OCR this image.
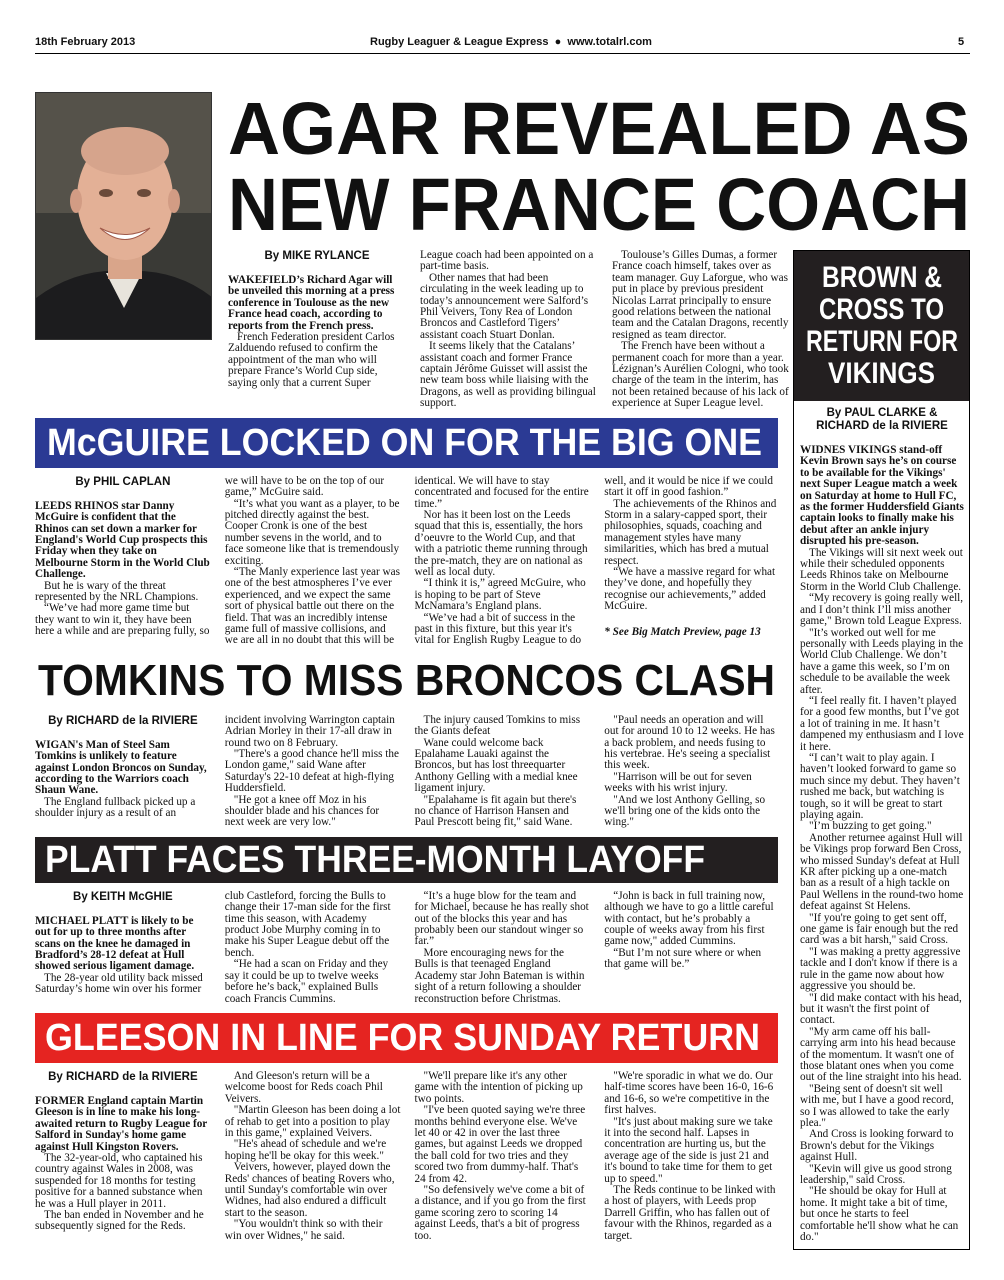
18th February 2013	Rugby Leaguer & League Express ● www.totalrl.com	5
AGAR REVEALED AS
NEW FRANCE COACH
By MIKE RYLANCE

WAKEFIELD’s Richard Agar will be unveiled this morning at a press conference in Toulouse as the new France head coach, according to reports from the French press.

French Federation president Carlos Zalduendo refused to confirm the appointment of the man who will prepare France’s World Cup side, saying only that a current Super League coach had been appointed on a part-time basis.

Other names that had been circulating in the week leading up to today’s announcement were Salford’s Phil Veivers, Tony Rea of London Broncos and Castleford Tigers’ assistant coach Stuart Donlan.

It seems likely that the Catalans’ assistant coach and former France captain Jérôme Guisset will assist the new team boss while liaising with the Dragons, as well as providing bilingual support.

Toulouse’s Gilles Dumas, a former France coach himself, takes over as team manager. Guy Laforgue, who was put in place by previous president Nicolas Larrat principally to ensure good relations between the national team and the Catalan Dragons, recently resigned as team director.

The French have been without a permanent coach for more than a year. Lézignan’s Aurélien Cologni, who took charge of the team in the interim, has not been retained because of his lack of experience at Super League level.

McGUIRE LOCKED ON FOR THE BIG ONE
By PHIL CAPLAN

LEEDS RHINOS star Danny McGuire is confident that the Rhinos can set down a marker for England's World Cup prospects this Friday when they take on Melbourne Storm in the World Club Challenge.

But he is wary of the threat represented by the NRL Champions.

“We’ve had more game time but they want to win it, they have been here a while and are preparing fully, so we will have to be on the top of our game,” McGuire said.

“It’s what you want as a player, to be pitched directly against the best. Cooper Cronk is one of the best number sevens in the world, and to face someone like that is tremendously exciting.

“The Manly experience last year was one of the best atmospheres I’ve ever experienced, and we expect the same sort of physical battle out there on the field. That was an incredibly intense game full of massive collisions, and we are all in no doubt that this will be identical. We will have to stay concentrated and focused for the entire time.”

Nor has it been lost on the Leeds squad that this is, essentially, the hors d’oeuvre to the World Cup, and that with a patriotic theme running through the pre-match, they are on national as well as local duty.

“I think it is,” agreed McGuire, who is hoping to be part of Steve McNamara’s England plans.

“We’ve had a bit of success in the past in this fixture, but this year it's vital for English Rugby League to do well, and it would be nice if we could start it off in good fashion.”

The achievements of the Rhinos and Storm in a salary-capped sport, their philosophies, squads, coaching and management styles have many similarities, which has bred a mutual respect.

“We have a massive regard for what they’ve done, and hopefully they recognise our achievements,” added McGuire.

* See Big Match Preview, page 13

TOMKINS TO MISS BRONCOS CLASH
By RICHARD de la RIVIERE

WIGAN's Man of Steel Sam Tomkins is unlikely to feature against London Broncos on Sunday, according to the Warriors coach Shaun Wane.

The England fullback picked up a shoulder injury as a result of an incident involving Warrington captain Adrian Morley in their 17-all draw in round two on 8 February.

"There's a good chance he'll miss the London game," said Wane after Saturday's 22-10 defeat at high-flying Huddersfield.

"He got a knee off Moz in his shoulder blade and his chances for next week are very low."

The injury caused Tomkins to miss the Giants defeat

Wane could welcome back Epalahame Lauaki against the Broncos, but has lost threequarter Anthony Gelling with a medial knee ligament injury.

"Epalahame is fit again but there's no chance of Harrison Hansen and Paul Prescott being fit," said Wane.

"Paul needs an operation and will out for around 10 to 12 weeks. He has a back problem, and needs fusing to his vertebrae. He's seeing a specialist this week.

"Harrison will be out for seven weeks with his wrist injury.

"And we lost Anthony Gelling, so we'll bring one of the kids onto the wing."

PLATT FACES THREE-MONTH LAYOFF
By KEITH McGHIE

MICHAEL PLATT is likely to be out for up to three months after scans on the knee he damaged in Bradford’s 28-12 defeat at Hull showed serious ligament damage.

The 28-year old utility back missed Saturday’s home win over his former club Castleford, forcing the Bulls to change their 17-man side for the first time this season, with Academy product Jobe Murphy coming in to make his Super League debut off the bench.

“He had a scan on Friday and they say it could be up to twelve weeks before he’s back," explained Bulls coach Francis Cummins.

“It’s a huge blow for the team and for Michael, because he has really shot out of the blocks this year and has probably been our standout winger so far.”

More encouraging news for the Bulls is that teenaged England Academy star John Bateman is within sight of a return following a shoulder reconstruction before Christmas.

“John is back in full training now, although we have to go a little careful with contact, but he’s probably a couple of weeks away from his first game now," added Cummins.

“But I’m not sure where or when that game will be.”

GLEESON IN LINE FOR SUNDAY RETURN
By RICHARD de la RIVIERE

FORMER England captain Martin Gleeson is in line to make his long-awaited return to Rugby League for Salford in Sunday's home game against Hull Kingston Rovers.

The 32-year-old, who captained his country against Wales in 2008, was suspended for 18 months for testing positive for a banned substance when he was a Hull player in 2011.

The ban ended in November and he subsequently signed for the Reds.

And Gleeson's return will be a welcome boost for Reds coach Phil Veivers.

"Martin Gleeson has been doing a lot of rehab to get into a position to play in this game," explained Veivers.

"He's ahead of schedule and we're hoping he'll be okay for this week."

Veivers, however, played down the Reds' chances of beating Rovers who, until Sunday's comfortable win over Widnes, had also endured a difficult start to the season.

"You wouldn't think so with their win over Widnes," he said.

"We'll prepare like it's any other game with the intention of picking up two points.

"I've been quoted saying we're three months behind everyone else. We've let 40 or 42 in over the last three games, but against Leeds we dropped the ball cold for two tries and they scored two from dummy-half. That's 24 from 42.

"So defensively we've come a bit of a distance, and if you go from the first game scoring zero to scoring 14 against Leeds, that's a bit of progress too.

"We're sporadic in what we do. Our half-time scores have been 16-0, 16-6 and 16-6, so we're competitive in the first halves.

"It's just about making sure we take it into the second half. Lapses in concentration are hurting us, but the average age of the side is just 21 and it's bound to take time for them to get up to speed."

The Reds continue to be linked with a host of players, with Leeds prop Darrell Griffin, who has fallen out of favour with the Rhinos, regarded as a target.

BROWN &
CROSS TO
RETURN FOR
VIKINGS
By PAUL CLARKE & RICHARD de la RIVIERE

WIDNES VIKINGS stand-off Kevin Brown says he’s on course to be available for the Vikings' next Super League match a week on Saturday at home to Hull FC, as the former Huddersfield Giants captain looks to finally make his debut after an ankle injury disrupted his pre-season.

The Vikings will sit next week out while their scheduled opponents Leeds Rhinos take on Melbourne Storm in the World Club Challenge.

“My recovery is going really well, and I don’t think I’ll miss another game," Brown told League Express.

"It’s worked out well for me personally with Leeds playing in the World Club Challenge. We don’t have a game this week, so I’m on schedule to be available the week after.

“I feel really fit. I haven’t played for a good few months, but I’ve got a lot of training in me. It hasn’t dampened my enthusiasm and I love it here.

“I can’t wait to play again. I haven’t looked forward to game so much since my debut. They haven’t rushed me back, but watching is tough, so it will be great to start playing again.

"I’m buzzing to get going."

Another returnee against Hull will be Vikings prop forward Ben Cross, who missed Sunday's defeat at Hull KR after picking up a one-match ban as a result of a high tackle on Paul Wellens in the round-two home defeat against St Helens.

"If you're going to get sent off, one game is fair enough but the red card was a bit harsh," said Cross.

"I was making a pretty aggressive tackle and I don't know if there is a rule in the game now about how aggressive you should be.

"I did make contact with his head, but it wasn't the first point of contact.

"My arm came off his ball-carrying arm into his head because of the momentum. It wasn't one of those blatant ones when you come out of the line straight into his head.

"Being sent of doesn't sit well with me, but I have a good record, so I was allowed to take the early plea."

And Cross is looking forward to Brown's debut for the Vikings against Hull.

"Kevin will give us good strong leadership," said Cross.

"He should be okay for Hull at home. It might take a bit of time, but once he starts to feel comfortable he'll show what he can do."
